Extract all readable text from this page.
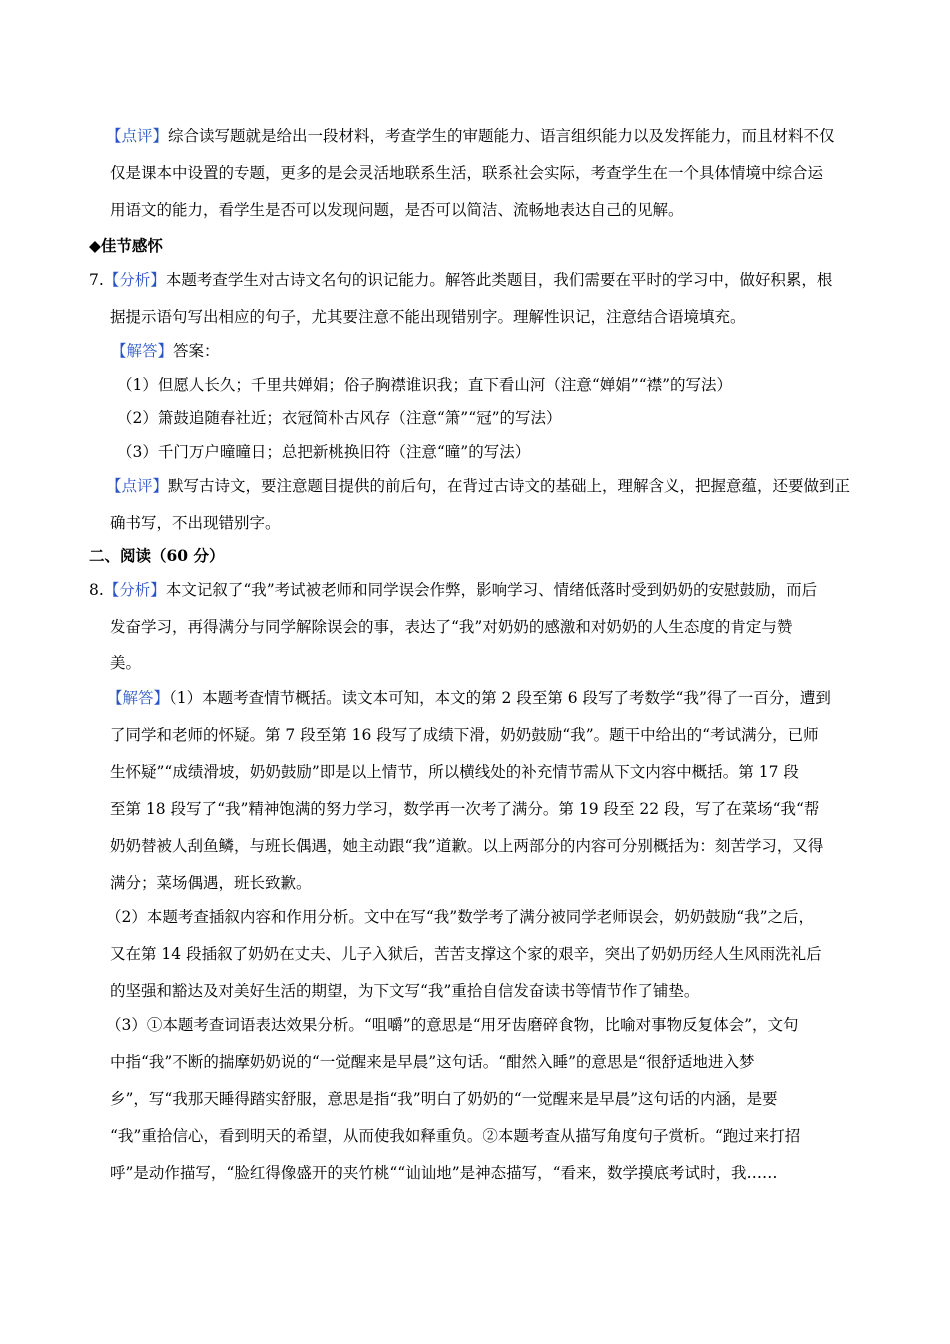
【点评】综合读写题就是给出一段材料，考查学生的审题能力、语言组织能力以及发挥能力，而且材料不仅
仅是课本中设置的专题，更多的是会灵活地联系生活，联系社会实际，考查学生在一个具体情境中综合运
用语文的能力，看学生是否可以发现问题，是否可以简洁、流畅地表达自己的见解。
◆佳节感怀
7.【分析】本题考查学生对古诗文名句的识记能力。解答此类题目，我们需要在平时的学习中，做好积累，根
据提示语句写出相应的句子，尤其要注意不能出现错别字。理解性识记，注意结合语境填充。
【解答】答案：
（1）但愿人长久；千里共婵娟；俗子胸襟谁识我；直下看山河（注意“婵娟”“襟”的写法）
（2）箫鼓追随春社近；衣冠简朴古风存（注意“箫”“冠”的写法）
（3）千门万户曈曈日；总把新桃换旧符（注意“曈”的写法）
【点评】默写古诗文，要注意题目提供的前后句，在背过古诗文的基础上，理解含义，把握意蕴，还要做到正
确书写，不出现错别字。
二、阅读（60 分）
8.【分析】本文记叙了“我”考试被老师和同学误会作弊，影响学习、情绪低落时受到奶奶的安慰鼓励，而后
发奋学习，再得满分与同学解除误会的事，表达了“我”对奶奶的感激和对奶奶的人生态度的肯定与赞
美。
【解答】（1）本题考查情节概括。读文本可知，本文的第 2 段至第 6 段写了考数学“我”得了一百分，遭到
了同学和老师的怀疑。第 7 段至第 16 段写了成绩下滑，奶奶鼓励“我”。题干中给出的“考试满分，已师
生怀疑”“成绩滑坡，奶奶鼓励”即是以上情节，所以横线处的补充情节需从下文内容中概括。第 17 段
至第 18 段写了“我”精神饱满的努力学习，数学再一次考了满分。第 19 段至 22 段，写了在菜场“我“帮
奶奶替被人刮鱼鳞，与班长偶遇，她主动跟“我”道歉。以上两部分的内容可分别概括为：刻苦学习，又得
满分；菜场偶遇，班长致歉。
（2）本题考查插叙内容和作用分析。文中在写“我”数学考了满分被同学老师误会，奶奶鼓励“我”之后，
又在第 14 段插叙了奶奶在丈夫、儿子入狱后，苦苦支撑这个家的艰辛，突出了奶奶历经人生风雨洗礼后
的坚强和豁达及对美好生活的期望，为下文写“我”重拾自信发奋读书等情节作了铺垫。
（3）①本题考查词语表达效果分析。“咀嚼”的意思是“用牙齿磨碎食物，比喻对事物反复体会”，文句
中指“我”不断的揣摩奶奶说的“一觉醒来是早晨”这句话。“酣然入睡”的意思是“很舒适地进入梦
乡”，写“我那天睡得踏实舒服，意思是指“我”明白了奶奶的“一觉醒来是早晨”这句话的内涵，是要
“我”重拾信心，看到明天的希望，从而使我如释重负。②本题考查从描写角度句子赏析。“跑过来打招
呼”是动作描写，“脸红得像盛开的夹竹桃““讪讪地”是神态描写，“看来，数学摸底考试时，我……
